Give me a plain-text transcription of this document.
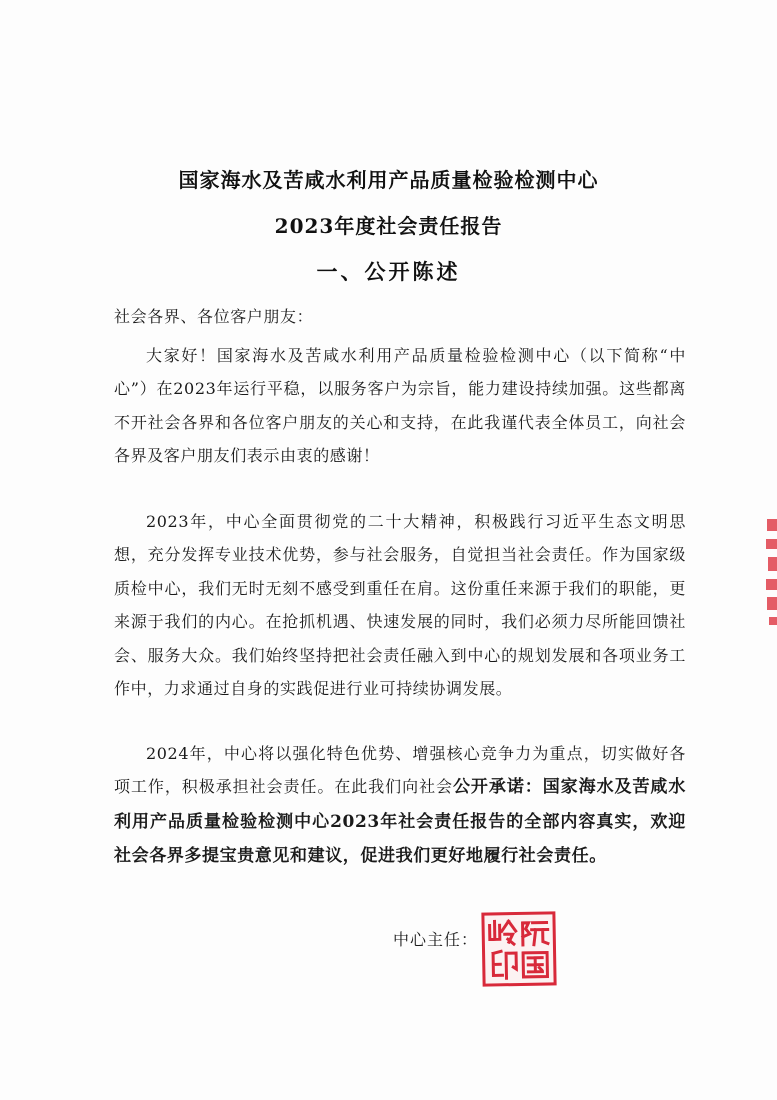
国家海水及苦咸水利用产品质量检验检测中心
2023年度社会责任报告
一、公开陈述
社会各界、各位客户朋友：
大家好！国家海水及苦咸水利用产品质量检验检测中心（以下简称“中心”）在2023年运行平稳，以服务客户为宗旨，能力建设持续加强。这些都离不开社会各界和各位客户朋友的关心和支持，在此我谨代表全体员工，向社会各界及客户朋友们表示由衷的感谢！
2023年，中心全面贯彻党的二十大精神，积极践行习近平生态文明思想，充分发挥专业技术优势，参与社会服务，自觉担当社会责任。作为国家级质检中心，我们无时无刻不感受到重任在肩。这份重任来源于我们的职能，更来源于我们的内心。在抢抓机遇、快速发展的同时，我们必须力尽所能回馈社会、服务大众。我们始终坚持把社会责任融入到中心的规划发展和各项业务工作中，力求通过自身的实践促进行业可持续协调发展。
2024年，中心将以强化特色优势、增强核心竞争力为重点，切实做好各项工作，积极承担社会责任。在此我们向社会公开承诺：国家海水及苦咸水利用产品质量检验检测中心2023年社会责任报告的全部内容真实，欢迎社会各界多提宝贵意见和建议，促进我们更好地履行社会责任。
中心主任：
